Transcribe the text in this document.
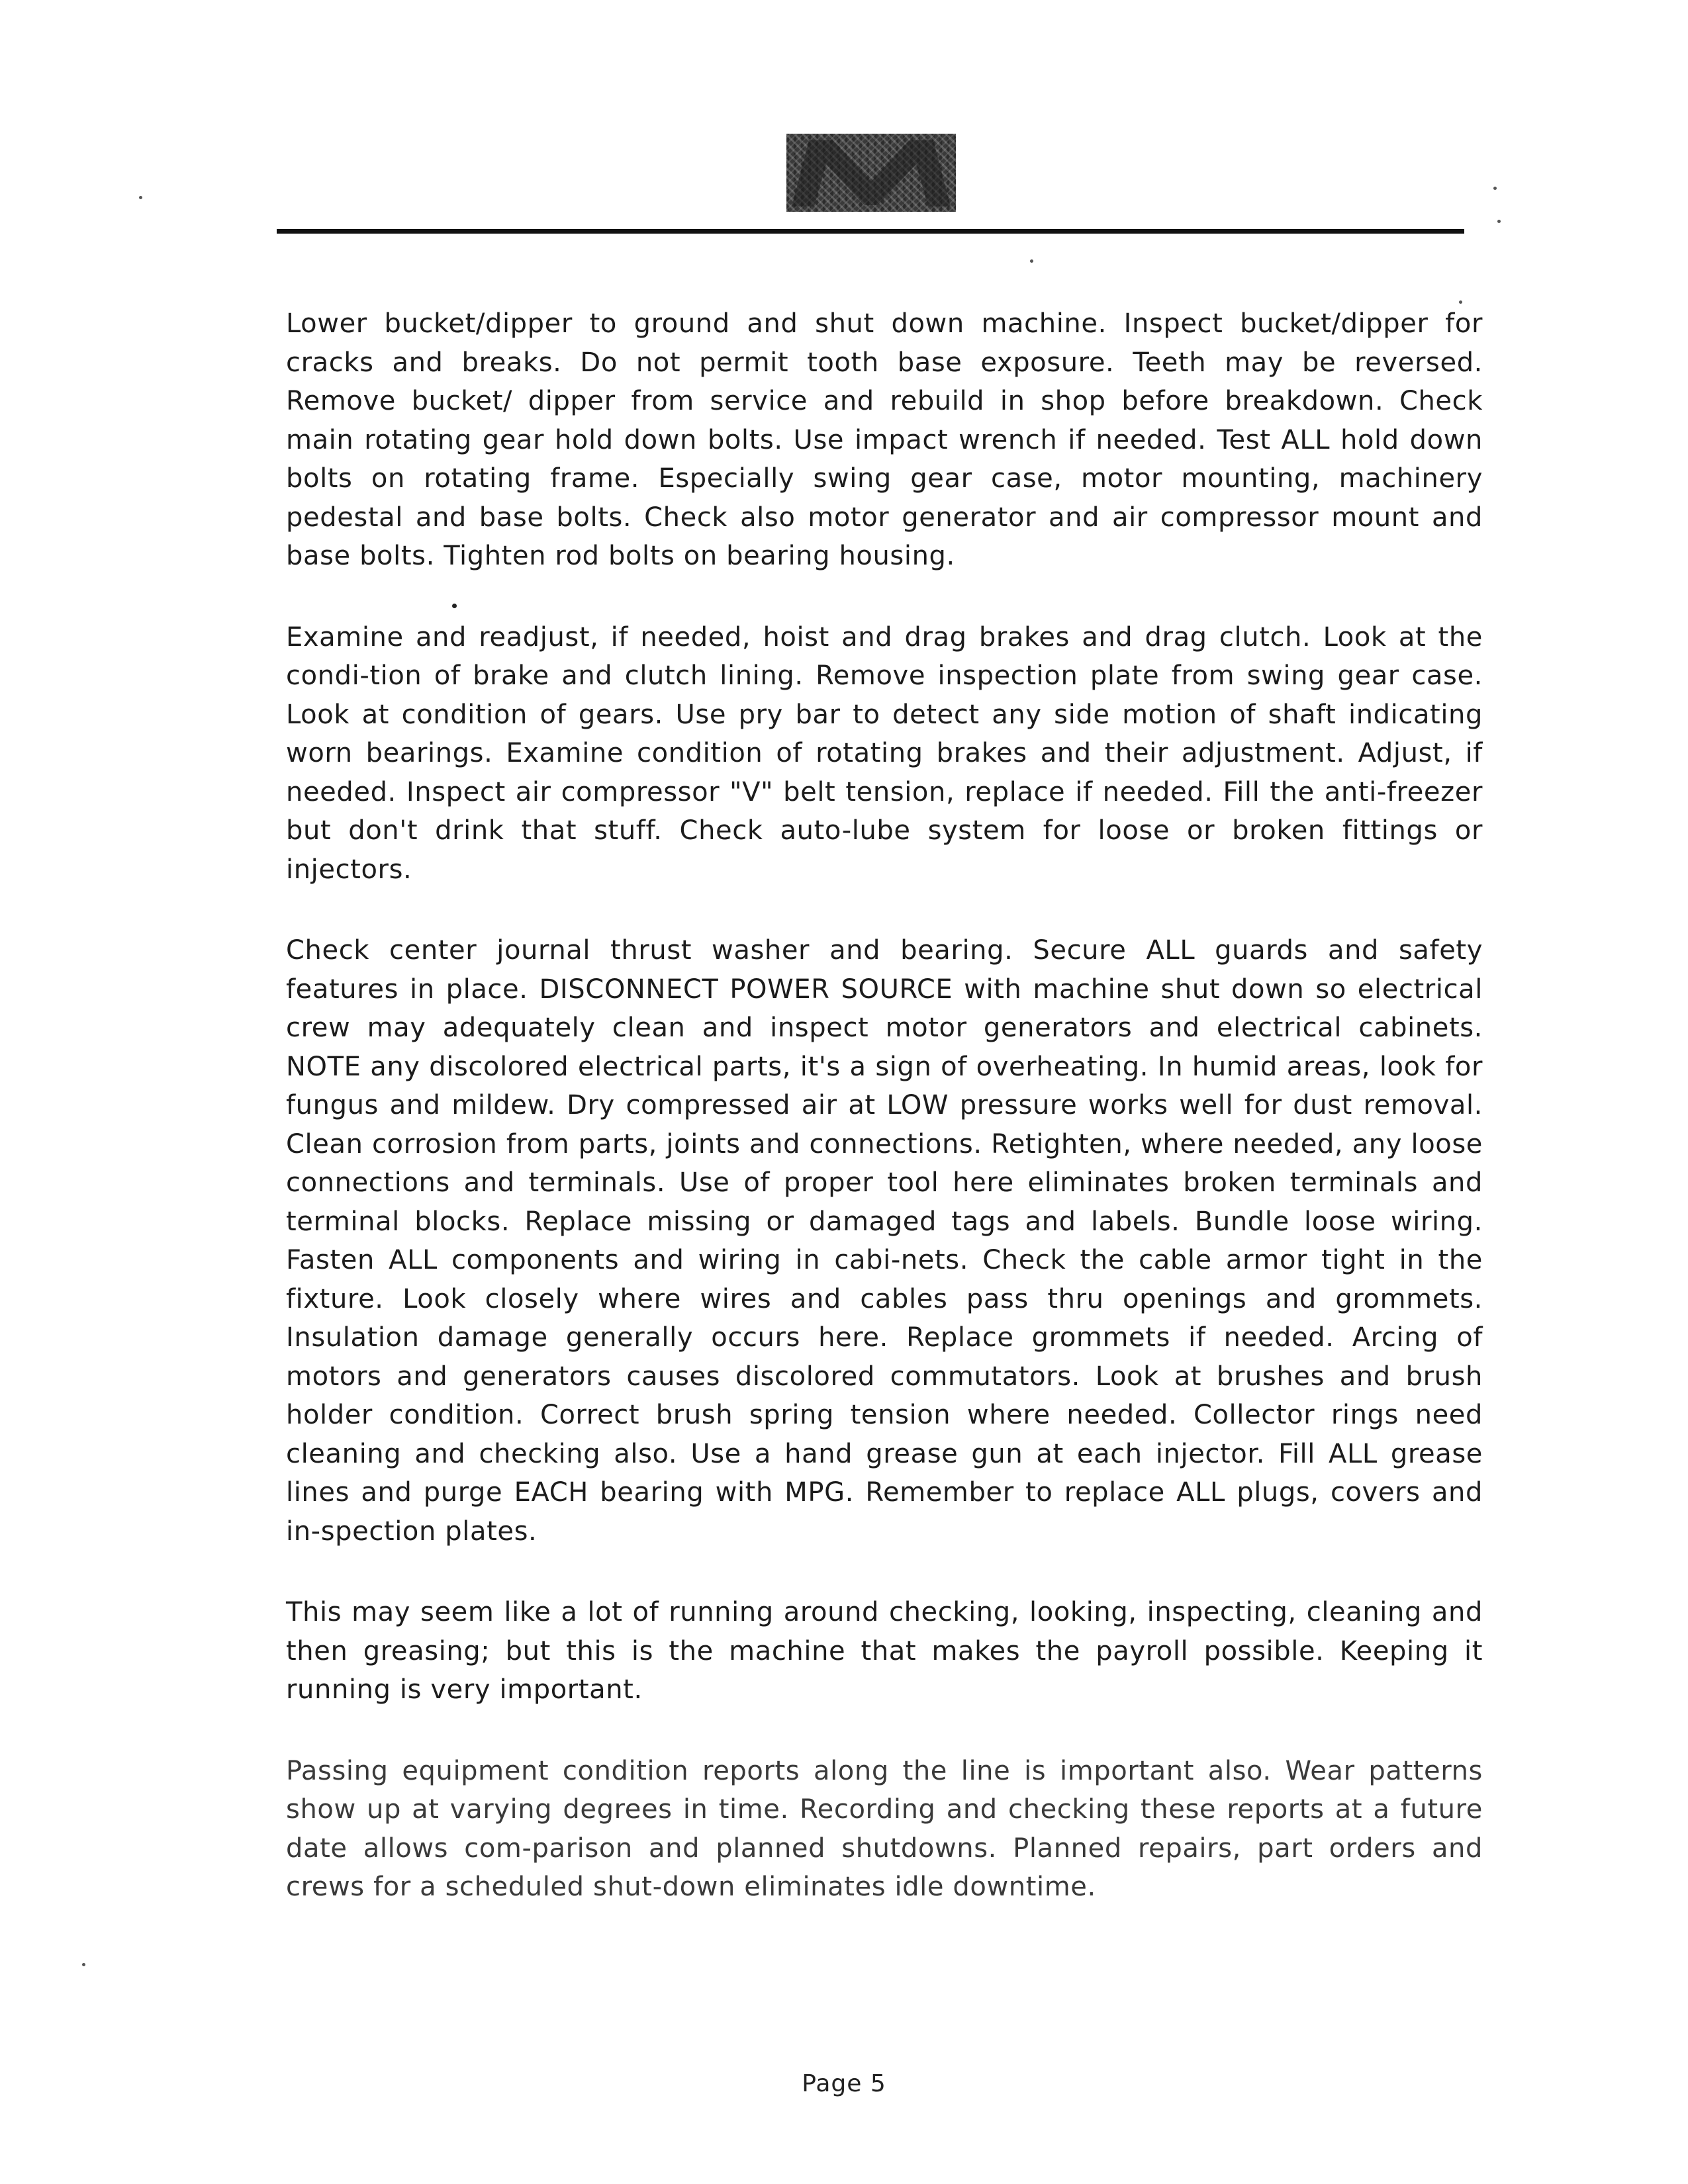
Lower bucket/dipper to ground and shut down machine. Inspect bucket/dipper for cracks and breaks. Do not permit tooth base exposure. Teeth may be reversed. Remove bucket/ dipper from service and rebuild in shop before breakdown. Check main rotating gear hold down bolts. Use impact wrench if needed. Test ALL hold down bolts on rotating frame. Especially swing gear case, motor mounting, machinery pedestal and base bolts. Check also motor generator and air compressor mount and base bolts. Tighten rod bolts on bearing housing.

Examine and readjust, if needed, hoist and drag brakes and drag clutch. Look at the condi-tion of brake and clutch lining. Remove inspection plate from swing gear case. Look at condition of gears. Use pry bar to detect any side motion of shaft indicating worn bearings. Examine condition of rotating brakes and their adjustment. Adjust, if needed. Inspect air compressor "V" belt tension, replace if needed. Fill the anti-freezer but don't drink that stuff. Check auto-lube system for loose or broken fittings or injectors.

Check center journal thrust washer and bearing. Secure ALL guards and safety features in place. DISCONNECT POWER SOURCE with machine shut down so electrical crew may adequately clean and inspect motor generators and electrical cabinets. NOTE any discolored electrical parts, it's a sign of overheating. In humid areas, look for fungus and mildew. Dry compressed air at LOW pressure works well for dust removal. Clean corrosion from parts, joints and connections. Retighten, where needed, any loose connections and terminals. Use of proper tool here eliminates broken terminals and terminal blocks. Replace missing or damaged tags and labels. Bundle loose wiring. Fasten ALL components and wiring in cabi-nets. Check the cable armor tight in the fixture. Look closely where wires and cables pass thru openings and grommets. Insulation damage generally occurs here. Replace grommets if needed. Arcing of motors and generators causes discolored commutators. Look at brushes and brush holder condition. Correct brush spring tension where needed. Collector rings need cleaning and checking also. Use a hand grease gun at each injector. Fill ALL grease lines and purge EACH bearing with MPG. Remember to replace ALL plugs, covers and in-spection plates.

This may seem like a lot of running around checking, looking, inspecting, cleaning and then greasing; but this is the machine that makes the payroll possible. Keeping it running is very important.

Passing equipment condition reports along the line is important also. Wear patterns show up at varying degrees in time. Recording and checking these reports at a future date allows com-parison and planned shutdowns. Planned repairs, part orders and crews for a scheduled shut-down eliminates idle downtime.

Page 5
